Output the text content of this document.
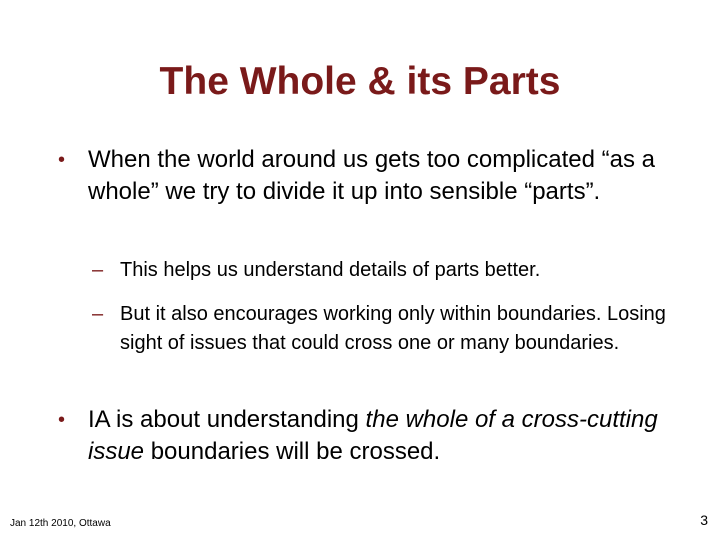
The Whole & its Parts
• When the world around us gets too complicated “as a whole” we try to divide it up into sensible “parts”.
– This helps us understand details of parts better.
– But it also encourages working only within boundaries. Losing sight of issues that could cross one or many boundaries.
• IA is about understanding the whole of a cross-cutting issue boundaries will be crossed.
Jan 12th 2010, Ottawa	3
